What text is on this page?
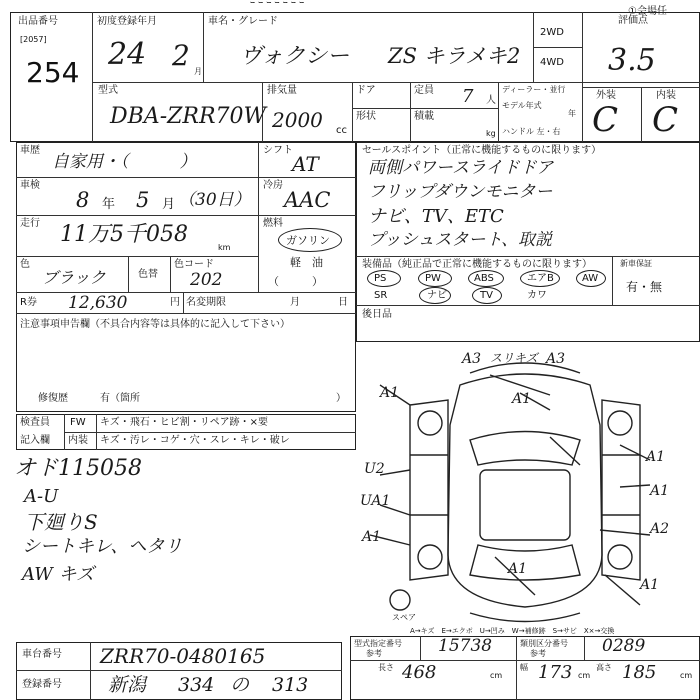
ｰ ｰ ｰ ｰ ｰ ｰ ｰ
①会場任
出品番号
[2057]
254
初度登録年月
24 2 月
車名・グレード
ヴォクシー ZS キラメキ2
2WD
4WD
評価点
3.5
型式
DBA-ZRR70W
排気量
2000 cc
ドア	定員 7 人
形状	積載
kg
ディーラー・並行
モデル年式
年
ハンドル 左・右
外装	内装
C C
車歴
自家用・（　　　）
シフト
AT
車検
8 年 5 月 （30日）
冷房
AAC
走行 11万5千058
km
燃料
ガソリン
軽　油
（　　　）
色
ブラック	色替
色コード
202
R券 12,630	円 名変期限	月	日
注意事項申告欄（不具合内容等は具体的に記入して下さい）
修復歴	有（箇所	）
セールスポイント（正常に機能するものに限ります）
両側パワースライドドア
フリップダウンモニター
ナビ、TV、ETC
プッシュスタート、取説
装備品（純正品で正常に機能するものに限ります）	新車保証
有・無
PS	PW	ABS	エアB	AW
SR	ナビ	TV	カワ
後日品
検査員
記入欄
FW キズ・飛石・ヒビ割・リペア跡・×要
内装 キズ・汚レ・コゲ・穴・スレ・キレ・破レ
オド115058
A-U
下廻りS
シートキレ、ヘタリ
AW キズ
A3 スリキズ A3
A1	A1
U2
A1
UA1
A1
A2
A1
A1
A1
スペア
A→キズ　E→エクボ　U→凹み　W→補修跡　S→サビ　X×→交換
車台番号 ZRR70-0480165
登録番号 新潟 334 の 313
型式指定番号
参考	15738	類別区分番号
参考	0289
長さ 468	cm
幅 173 cm
高さ 185	cm
